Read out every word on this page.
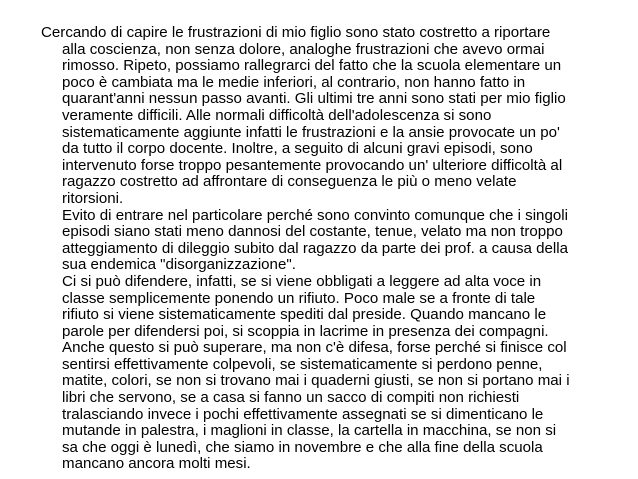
Cercando di capire le frustrazioni di mio figlio sono stato costretto a riportare
alla coscienza, non senza dolore, analoghe frustrazioni che avevo ormai
rimosso. Ripeto, possiamo rallegrarci del fatto che la scuola elementare un
poco è cambiata ma le medie inferiori, al contrario, non hanno fatto in
quarant'anni nessun passo avanti. Gli ultimi tre anni sono stati per mio figlio
veramente difficili. Alle normali difficoltà dell'adolescenza si sono
sistematicamente aggiunte infatti le frustrazioni e la ansie provocate un po'
da tutto il corpo docente. Inoltre, a seguito di alcuni gravi episodi, sono
intervenuto forse troppo pesantemente provocando un' ulteriore difficoltà al
ragazzo costretto ad affrontare di conseguenza le più o meno velate
ritorsioni.
Evito di entrare nel particolare perché sono convinto comunque che i singoli
episodi siano stati meno dannosi del costante, tenue, velato ma non troppo
atteggiamento di dileggio subito dal ragazzo da parte dei prof. a causa della
sua endemica "disorganizzazione".
Ci si può difendere, infatti, se si viene obbligati a leggere ad alta voce in
classe semplicemente ponendo un rifiuto. Poco male se a fronte di tale
rifiuto si viene sistematicamente spediti dal preside. Quando mancano le
parole per difendersi poi, si scoppia in lacrime in presenza dei compagni.
Anche questo si può superare, ma non c'è difesa, forse perché si finisce col
sentirsi effettivamente colpevoli, se sistematicamente si perdono penne,
matite, colori, se non si trovano mai i quaderni giusti, se non si portano mai i
libri che servono, se a casa si fanno un sacco di compiti non richiesti
tralasciando invece i pochi effettivamente assegnati se si dimenticano le
mutande in palestra, i maglioni in classe, la cartella in macchina, se non si
sa che oggi è lunedì, che siamo in novembre e che alla fine della scuola
mancano ancora molti mesi.
